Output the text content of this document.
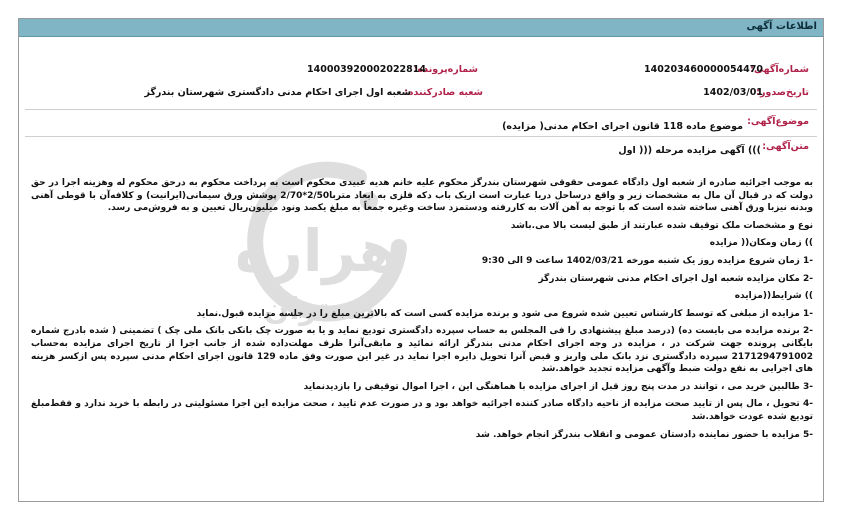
اطلاعات آگهی
شماره‌آگهی:
140203460000054470
شماره‌پرونده:
140003920002022814
تاریخ‌صدور:
1402/03/01
شعبه صادر‌کننده:
شعبه اول اجرای احکام مدنی دادگستری شهرستان بندرگز
موضوع‌آگهی:
موضوع ماده 118 قانون اجرای احکام مدنی( مزایده)
متن‌آگهی:
))) آگهی مزایده مرحله ((( اول
هراره
گستران

به موجب اجرائیه صادره از شعبه اول دادگاه عمومی حقوقی شهرستان بندرگز محکوم علیه خانم هدیه عبیدی محکوم است به پرداخت محکوم به درحق محکوم له وهزینه اجرا در حق دولت که در قبال آن مال به مشخصات زیر و واقع درساحل دریا عبارت است ازیک باب دکه فلزی به ابعاد متربا2/50*2/70 پوشش ورق سیمانی(ایرانیت) و کلافه‌آن با قوطی آهنی وبدنه نیزبا ورق آهنی ساخته شده است که با توجه به آهن آلات به کاررفته ودستمزد ساخت وغیره جمعاً به مبلغ یکصد ونود میلیون‌ریال تعیین و به فروش‌می رسد.

نوع و مشخصات ملک توقیف شده عبارتند از طبق لیست بالا می.باشد

)) زمان ومکان(( مزایده

-1 زمان شروع مزایده روز یک شنبه مورخه 1402/03/21 ساعت 9 الی 9:30

-2 مکان مزایده شعبه اول اجرای احکام مدنی شهرستان بندرگز

)) شرایط((مزایده

-1 مزایده از مبلغی که توسط کارشناس تعیین شده شروع می شود و برنده مزایده کسی است که بالاترین مبلغ را در جلسه مزایده قبول.نماید

-2 برنده مزایده می بایست ده) (درصد مبلغ پیشنهادی را فی المجلس به حساب سپرده دادگستری تودیع نماید و یا به صورت چک بانکی بانک ملی چک ) تضمینی ( شده بادرج شماره بایگانی پرونده جهت شرکت در ، مزایده در وجه اجرای احکام مدنی بندرگز ارائه نمائید و مابقی‌آنرا ظرف مهلت‌داده شده از جانب اجرا از تاریخ اجرای مزایده به‌حساب 2171294791002 سپرده دادگستری نزد بانک ملی واریز و قبض آنرا تحویل دایره اجرا نماید در غیر این صورت وفق ماده 129 قانون اجرای احکام مدنی سپرده پس ازکسر هزینه های اجرایی به نفع دولت ضبط وآگهی مزایده تجدید خواهد.شد

-3 طالبین خرید می ، توانند در مدت پنج روز قبل از اجرای مزایده با هماهنگی این ، اجرا اموال توقیفی را بازدیدنماید

-4 تحویل ، مال پس از تایید صحت مزایده از ناحیه دادگاه صادر کننده اجرائیه خواهد بود و در صورت عدم تایید ، صحت مزایده این اجرا مسئولیتی در رابطه با خرید ندارد و فقط‌مبلغ تودیع شده عودت خواهد.شد

-5 مزایده با حضور نماینده دادستان عمومی و انقلاب بندرگز انجام خواهد. شد
